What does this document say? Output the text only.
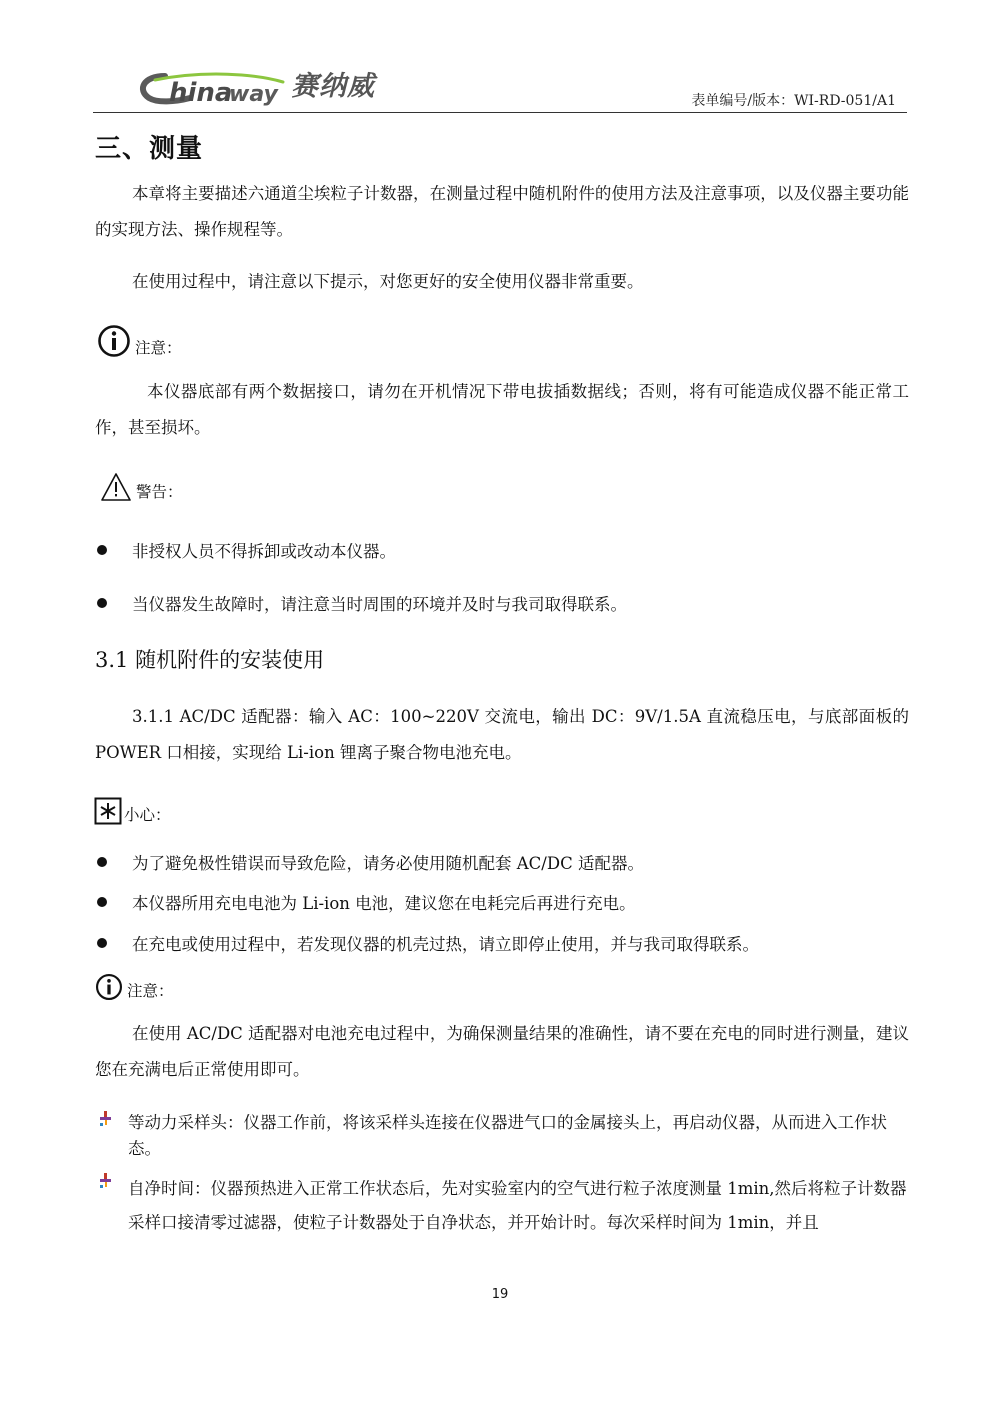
hina
way 赛纳威	表单编号/版本：WI-RD-051/A1
三、测量
本章将主要描述六通道尘埃粒子计数器，在测量过程中随机附件的使用方法及注意事项，以及仪器主要功能的实现方法、操作规程等。
在使用过程中，请注意以下提示，对您更好的安全使用仪器非常重要。
注意：
本仪器底部有两个数据接口，请勿在开机情况下带电拔插数据线；否则，将有可能造成仪器不能正常工作，甚至损坏。
警告：
非授权人员不得拆卸或改动本仪器。
当仪器发生故障时，请注意当时周围的环境并及时与我司取得联系。
3.1 随机附件的安装使用
3.1.1 AC/DC 适配器：输入 AC：100~220V 交流电，输出 DC：9V/1.5A 直流稳压电，与底部面板的 POWER 口相接，实现给 Li-ion 锂离子聚合物电池充电。
小心：
为了避免极性错误而导致危险，请务必使用随机配套 AC/DC 适配器。
本仪器所用充电电池为 Li-ion 电池，建议您在电耗完后再进行充电。
在充电或使用过程中，若发现仪器的机壳过热，请立即停止使用，并与我司取得联系。
注意：
在使用 AC/DC 适配器对电池充电过程中，为确保测量结果的准确性，请不要在充电的同时进行测量，建议您在充满电后正常使用即可。
等动力采样头：仪器工作前，将该采样头连接在仪器进气口的金属接头上，再启动仪器，从而进入工作状态。
自净时间：仪器预热进入正常工作状态后，先对实验室内的空气进行粒子浓度测量 1min,然后将粒子计数器采样口接清零过滤器，使粒子计数器处于自净状态，并开始计时。每次采样时间为 1min，并且
19
